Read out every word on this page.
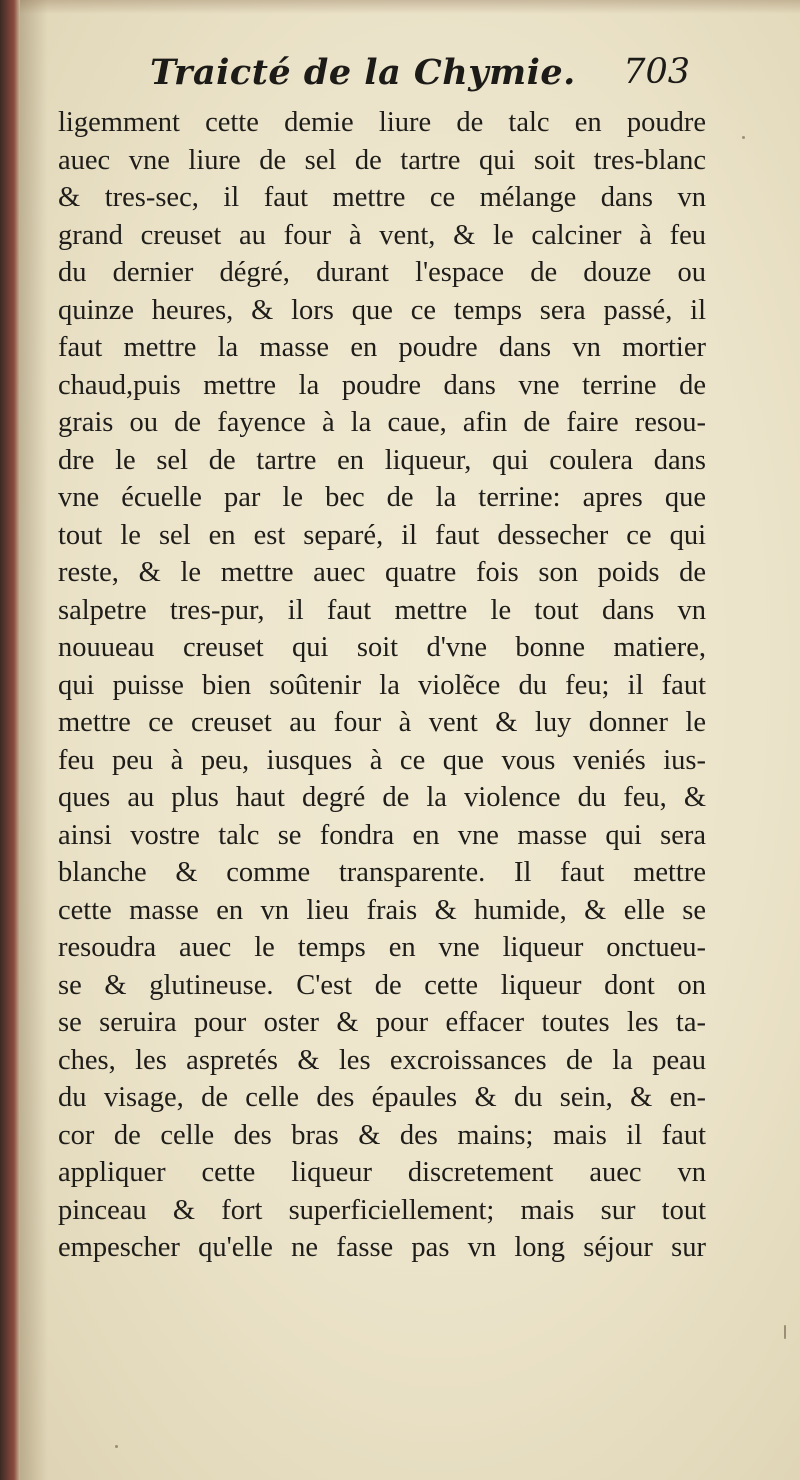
Traicté de la Chymie. 703
ligemment cette demie liure de talc en poudre
auec vne liure de sel de tartre qui soit tres-blanc
& tres-sec, il faut mettre ce mélange dans vn
grand creuset au four à vent, & le calciner à feu
du dernier dégré, durant l'espace de douze ou
quinze heures, & lors que ce temps sera passé, il
faut mettre la masse en poudre dans vn mortier
chaud,puis mettre la poudre dans vne terrine de
grais ou de fayence à la caue, afin de faire resou-
dre le sel de tartre en liqueur, qui coulera dans
vne écuelle par le bec de la terrine: apres que
tout le sel en est separé, il faut dessecher ce qui
reste, & le mettre auec quatre fois son poids de
salpetre tres-pur, il faut mettre le tout dans vn
nouueau creuset qui soit d'vne bonne matiere,
qui puisse bien soûtenir la violẽce du feu; il faut
mettre ce creuset au four à vent & luy donner le
feu peu à peu, iusques à ce que vous veniés ius-
ques au plus haut degré de la violence du feu, &
ainsi vostre talc se fondra en vne masse qui sera
blanche & comme transparente. Il faut mettre
cette masse en vn lieu frais & humide, & elle se
resoudra auec le temps en vne liqueur onctueu-
se & glutineuse. C'est de cette liqueur dont on
se seruira pour oster & pour effacer toutes les ta-
ches, les aspretés & les excroissances de la peau
du visage, de celle des épaules & du sein, & en-
cor de celle des bras & des mains; mais il faut
appliquer cette liqueur discretement auec vn
pinceau & fort superficiellement; mais sur tout
empescher qu'elle ne fasse pas vn long séjour sur
